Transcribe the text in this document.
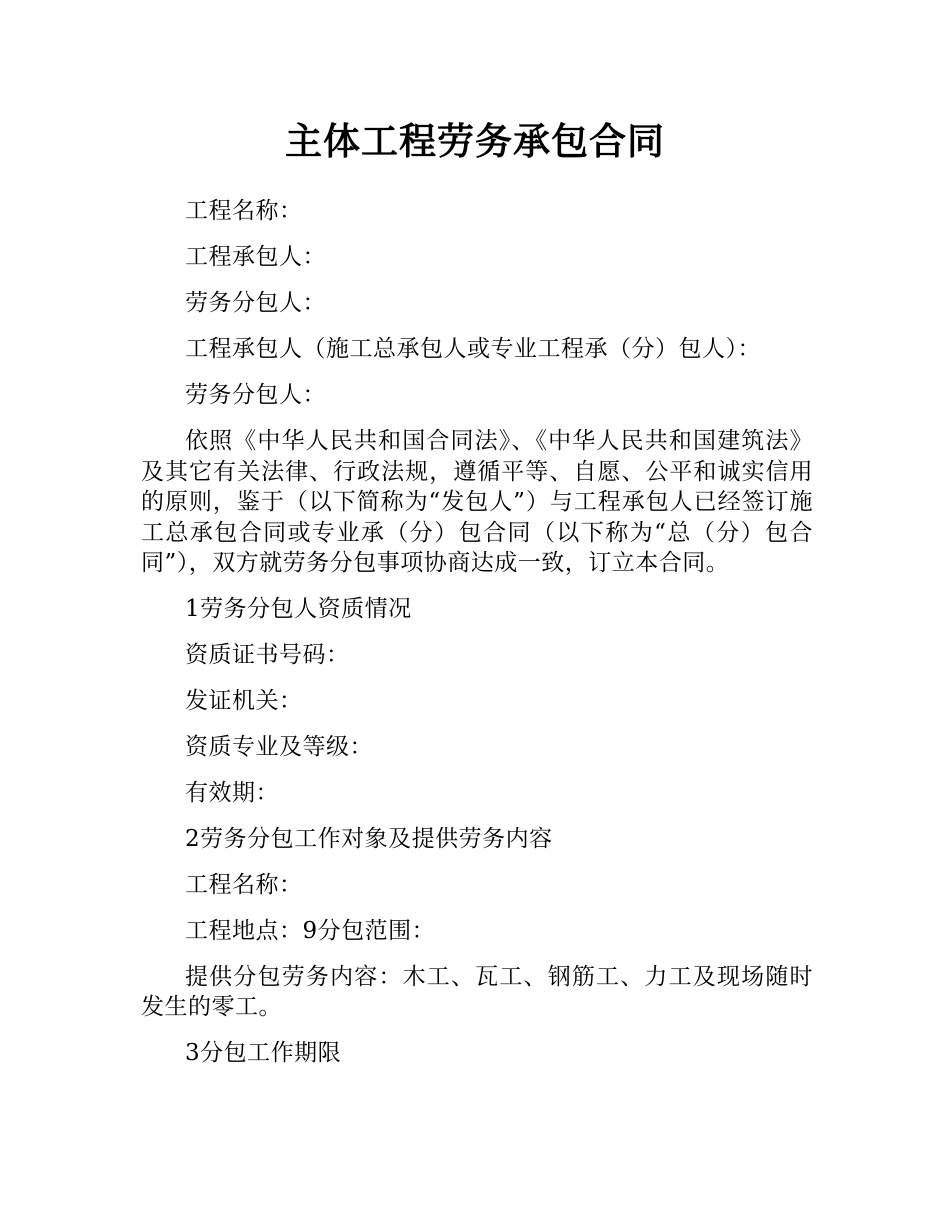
主体工程劳务承包合同

工程名称：

工程承包人：

劳务分包人：

工程承包人（施工总承包人或专业工程承（分）包人）：

劳务分包人：

依照《中华人民共和国合同法》、《中华人民共和国建筑法》及其它有关法律、行政法规，遵循平等、自愿、公平和诚实信用的原则，鉴于（以下简称为“发包人”）与工程承包人已经签订施工总承包合同或专业承（分）包合同（以下称为“总（分）包合同”），双方就劳务分包事项协商达成一致，订立本合同。

1劳务分包人资质情况

资质证书号码：

发证机关：

资质专业及等级：

有效期：

2劳务分包工作对象及提供劳务内容

工程名称：

工程地点：9分包范围：

提供分包劳务内容：木工、瓦工、钢筋工、力工及现场随时发生的零工。

3分包工作期限
